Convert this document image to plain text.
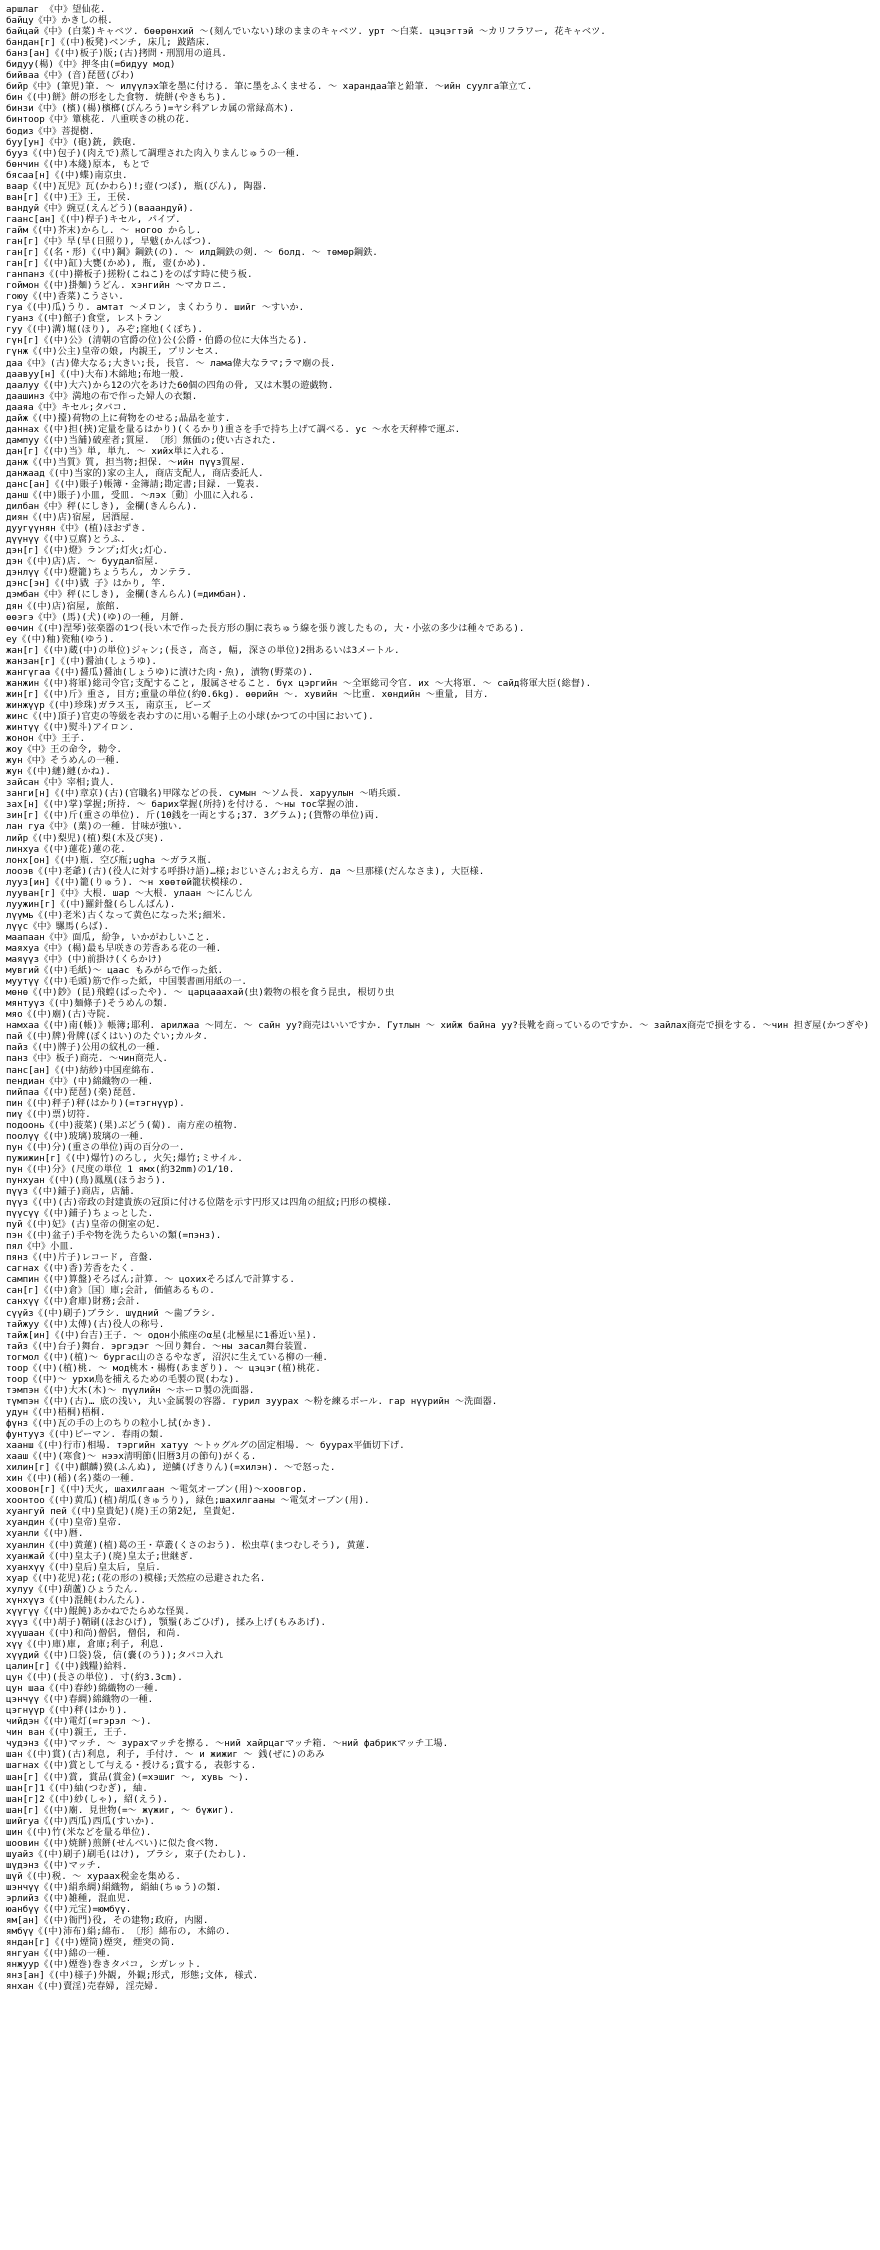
аршлаг 《中》望仙花.
байцу《中》かきしの根.
байцай《中》(白菜)キャベツ. бөөрөнхий ～(刻んでいない)球のままのキャベツ. урт ～白菜. цэцэгтэй ～カリフラワー, 花キャベツ.
бандан[г]《(中)板凳)ベンチ, 床几; 跛踏床.
банз[ан]《(中)板子)版;(古)拷問・刑罰用の道具.
бидуу(楊)《中》押冬由(=бидуу мод)
бийваа《中》(音)琵琶(びわ)
бийр《中》(筆児)筆. ～ илүүлэх筆を墨に付ける. 筆に墨をふくませる. ～ харандаа筆と鉛筆. ～ийн суулга筆立て.
бин《(中)餅》餅の形をした食物. 焼餅(やきもち).
бинзи《中》(檳)(楊)檳榔(びんろう)=ヤシ科アレカ属の常緑高木).
бинтоор《中》簞桃花. 八重咲きの桃の花.
бодиз《中》菩提樹.
буу[ун]《中》(砲)銃, 鉄砲.
бууз《(中)包子)(肉えで)蒸して調理された肉入りまんじゅうの一種.
бөнчин《(中)本綫)原本, もとで
бясаа[н]《(中)蝶)南京虫.
ваар《(中)瓦児》瓦(かわら)!;壺(つぼ), 瓶(びん), 陶器.
ван[г]《(中)王》王, 王侯.
вандуй《中》豌豆(えんどう)(вааандуй).
гаанс[ан]《(中)桿子)キセル, パイプ.
гайм《(中)芥末)からし. ～ ногоо からし.
ган[г]《中》旱(旱(日照り), 旱魃(かんばつ).
ган[г]《(名・形)《(中)鋼》鋼鉄(の). ～ илд鋼鉄の剣. ～ болд. ～ төмөр鋼鉄.
ган[г]《(中)缸)大甕(かめ), 瓶, 壺(かめ).
ганпанз《(中)擀板子)搓粉(こねこ)をのばす時に使う板.
гоймон《(中)掛麺)うどん. хэнгийн ～マカロニ.
гоюу《(中)香菜)こうさい.
гуа《(中)瓜)うり. амтат ～メロン, まくわうり. шийг ～すいか.
гуанз《(中)館子)食堂, レストラン
гуу《(中)溝)堀(ほり), みぞ;窪地(くぼち).
гүн[г]《(中)公》(清朝の官爵の位)公(公爵・伯爵の位に大体当たる).
гүнж《(中)公主)皇帝の娘, 内親王, プリンセス.
даа《中》(古)偉大なる;大きい;長, 長官. ～ ламa偉大なラマ;ラマ廟の長.
даавуу[н]《(中)大布)木綿地;布地一般.
даалуу《(中)大六)から12の穴をあけた60個の四角の骨, 又は木製の遊戯物.
даашинз《中》満地の布で作った婦人の衣類.
дааяа《中》キセル;タバコ.
дайж《(中)擡)荷物の上に荷物をのせる;晶晶を並す.
даннах《(中)担(挾)定量を量るはかり)(くるかり)重さを手で持ち上げて調べる. ус ～水を天秤棒で運ぶ.
дампуу《(中)当舗)破産者;質屋. 〔形〕無価の;使い古された.
дан[г]《(中)当》単, 単九. ～ хийх単に入れる.
данж《(中)当質》質, 担当物;担保. ～ийн пүүз質屋.
данжаад《(中)当家的)家の主人, 商店支配人, 商店委託人.
данс[ан]《(中)賬子)帳簿・金簿請;勘定書;目録. 一覧表.
данш《(中)賬子)小皿, 受皿. ～лэх〔動〕小皿に入れる.
дилбан《中》秤(にしき), 金欄(きんらん).
диян《(中)店)宿屋, 居酒屋.
дуугүүнян《中》(植)ほおずき.
дүүнүү《(中)豆腐)とうふ.
дэн[г]《(中)燈》ランプ;灯火;灯心.
дэн《(中)店)店. ～ буудал宿屋.
дэнлүү《(中)燈籠)ちょうちん, カンテラ.
дэнс[эн]《(中)戥 子》はかり, 竿.
дэмбан《中》秤(にしき), 金欄(きんらん)(=димбан).
дян《(中)店)宿屋, 旅館.
өөэгэ《中》(馬)(犬)(ゆ)の一種, 月餅.
өөчин《(中)涅琴)弦楽器の1つ(長い木で作った長方形の胴に表ちゅう線を張り渡したもの, 大・小弦の多少は種々である).
еу《(中)釉)瓷釉(ゆう).
жан[г]《(中)蔵(中)の単位)ジャン;(長さ, 高さ, 幅, 深さの単位)2揖あるいは3メートル.
жанзан[г]《(中)醤油(しょうゆ).
жангүгаа《(中)醤瓜)醤油(しょうゆ)に漬けた肉・魚), 漬物(野菜の).
жанжин《(中)将軍)総司令官;支配すること, 服属させること. бүх цэргийн ～全軍総司令官. их ～大将軍. ～ сайд将軍大臣(総督).
жин[г]《(中)斤》重さ, 目方;重量の単位(約0.6kg). өөрийн ～. хувийн ～比重. хөндийн ～重量, 目方.
жинжүүр《(中)珍珠)ガラス玉, 南京玉, ビーズ
жинс《(中)頂子)官吏の等級を表わすのに用いる帽子上の小球(かつての中国において).
жинтүү《(中)熨斗)アイロン.
жонон《中》王子.
жоу《中》王の命令, 勅令.
жун《中》そうめんの一種.
жун《(中)縺)縺(かね).
зайсан《中》宰相;貴人.
занги[н]《(中)章京)(古)(官職名)甲隊などの長. сумын ～ソム長. харуулын ～哨兵頭.
зах[н]《(中)掌)掌握;所持. ～ барих掌握(所持)を付ける. ～ны тос掌握の油.
зин[г]《(中)斤(重さの単位). 斤(10銭を一両とする;37. 3グラム);(貨幣の単位)両.
лан гуа《中》(菓)の一種. 甘味が強い.
лийр《(中)梨児)(植)梨(木及び実).
линхуа《(中)蓮花)蓮の花.
лонх[он]《(中)瓶. 空び瓶;ugha ～ガラス瓶.
лооэв《(中)老爺)(古)(役人に対する呼掛け語)…様;おじいさん;おえら方. да ～旦那様(だんなさま), 大臣様.
лууз[ин]《(中)籠(りゅう). ～н хөөтөй籠状模様の.
лууван[г]《中》大根. шар ～大根. улаан ～にんじん
луужин[г]《(中)羅針盤(らしんばん).
лүүмь《(中)老米)古くなって黄色になった米;細米.
лүүс《中》騾馬(らば).
маапаан《中》面瓜, 紛争, いかがわしいこと.
маяхуа《中》(楊)最も早咲きの芳香ある花の一種.
маяүүз《中》(中)前掛け(くらかけ)
мувгий《(中)毛紙)～ цаас もみがらで作った紙.
муутүү《(中)毛頭)筋で作った紙, 中国製書画用紙の一.
мөнө《(中)鈔》(昆)飛蝗(ばったや). ～ царцааахай(虫)穀物の根を食う昆虫, 根切り虫
мянтуүз《(中)麺條子)そうめんの類.
мяо《(中)廟)(古)寺院.
намхаа《(中)南(帳)》帳簿;耶利. арилжаа ～同左. ～ сайн уу?商売はいいですか. Гутлын ～ хийж байна уу?長靴を商っているのですか. ～ зайлах商売で損をする. ～чин 担ぎ屋(かつぎや)
пай《(中)牌)骨牌(ぼくはい)のたぐい;カルタ.
пайз《(中)牌子)公用の紋札の一種.
панз《中》板子)商売. ～чин商売人.
панс[ан]《(中)紡紗)中国産綿布.
пендиан《中》(中)綿織物の一種.
пийпаа《(中)琵琶)(楽)琵琶.
пин《(中)秤子)秤(はかり)(=тэгнүүр).
пиү《(中)票)切符.
подоонь《(中)菠菜)(果)ぶどう(蔔). 南方産の植物.
поолүү《(中)玻璃)玻璃の一種.
пун《(中)分)(重さの単位)両の百分の一.
пужижин[г]《(中)爆竹)のろし, 火矢;爆竹;ミサイル.
пун《(中)分》(尺度の単位 1 ямх(約32mm)の1/10.
пунхуан《(中)(鳥)鳳凰(ほうおう).
пүүз《(中)鋪子)商店, 店舗.
пүүз《(中)(古)帝政の封建貴族の冠頂に付ける位階を示す円形又は四角の紐紋;円形の模様.
пүүсүү《(中)鋪子)ちょっとした.
пуй《(中)妃》(古)皇帝の側室の妃.
пэн《(中)盆子)手や物を洗うたらいの類(=пэнз).
пял《中》小皿.
пянз《(中)片子)レコード, 音盤.
сагнах《(中)香)芳香をたく.
сампин《(中)算盤)そろばん;計算. ～ цохихそろばんで計算する.
сан[г]《(中)倉》〔国〕庫;会計, 価値あるもの.
санхүү《(中)倉庫)財務;会計.
сүүйз《(中)刷子)ブラシ. шүдний ～歯ブラシ.
тайжуу《(中)太傅)(古)役人の称号.
тайж[ин]《(中)台吉)王子. ～ одон小熊座のα星(北極星に1番近い星).
тайз《(中)台子)舞台. эргэдэг ～回り舞台. ～ны засал舞台装置.
тогмол《(中)(植)～ бургас山のさるやなぎ, 沼沢に生えている柳の一種.
тоор《(中)(植)桃. ～ мод桃木・楊梅(あまぎり). ～ цэцэг(植)桃花.
тоор《(中)～ урхи鳥を捕えるための毛製の罠(わな).
тэмпэн《(中)大木(木)～ пүүлийн ～ホーロ製の洗面器.
түмпэн《(中)(古)… 底の浅い, 丸い金属製の容器. гурил зуурах ～粉を練るボール. гар нүүрийн ～洗面器.
удун《(中)梧桐)梧桐.
фүнз《(中)瓦の手の上のちりの粒小し拭(かき).
фунтуүз《(中)ピーマン. 春雨の類.
хаанш《(中)行市)相場. тэргийн хатуу ～トゥグルグの固定相場. ～ буурах平価切下げ.
хааш《(中)(寒食)～ нээх清明節(旧暦3月の節句)がくる.
хилин[г]《(中)麒麟)獏(ふんぬ), 逆鱗(げきりん)(=хилэн). ～で怒った.
хин《(中)(稲)(名)薬の一種.
хоовон[г]《(中)天火, шахилгаан ～電気オーブン(用)～хоовгор.
хоонтоо《(中)黄瓜)(植)胡瓜(きゅうり), 緑色;шахилгааны ～電気オーブン(用).
хуангуй пей《(中)皇貴妃)(廃)王の第2妃, 皇貴妃.
хуандин《(中)皇帝)皇帝.
хуанли《(中)暦.
хуанлин《(中)黄蓮)(植)葛の王・草叢(くさのおう). 松虫草(まつむしそう), 黄蓮.
хуанжай《(中)皇太子)(廃)皇太子;世継ぎ.
хуанхүү《(中)皇后)皇太后, 皇后.
хуар《(中)花児)花;(花の形の)模様;天然痘の忌避された名.
хулуу《(中)葫蘆)ひょうたん.
хүнхүүз《(中)混飩(わんたん).
хүүгүү《(中)餛飩)あかねでたらめな怪異.
хүүз《(中)胡子)鞘刷(ほおひげ), 顎鬚(あごひげ), 揉み上げ(もみあげ).
хүүшаан《(中)和尚)僧侶, 僧侶, 和尚.
хүү《(中)庫)庫, 倉庫;利子, 利息.
хүүдий《(中)口袋)袋, 信(嚢(のう));タバコ入れ
цалин[г]《(中)銭糧)給料.
цун《(中)(長さの単位). 寸(約3.3cm).
цун шаа《(中)春紗)綿織物の一種.
цэнчүү《(中)春綢)綿織物の一種.
цэгнүүр《(中)秤(はかり).
чийдэн《(中)電灯(=гэрэл ～).
чин ван《(中)親王, 王子.
чудэнз《(中)マッチ. ～ зурахマッチを擦る. ～ний хайрцагマッチ箱. ～ний фабрикマッチ工場.
шан《(中)賞)(古)利息, 利子, 手付け. ～ и жижиг ～ 銭(ぜに)のあみ
шагнах《(中)賞として与える・授ける;賞する, 表彰する.
шан[г]《(中)賞, 賞品(賞金)(=хэшиг ～, хувь ～).
шан[г]1《(中)紬(つむぎ), 紬.
шан[г]2《(中)紗(しゃ), 紹(えう).
шан[г]《(中)廟. 見世物(=～ жүжиг, ～ бүжиг).
шийгуа《(中)西瓜)西瓜(すいか).
шин《(中)竹(米などを量る単位).
шоовин《(中)焼餅)煎餅(せんべい)に似た食べ物.
шуайз《(中)刷子)刷毛(はけ), ブラシ, 束子(たわし).
шүдэнз《(中)マッチ.
шүй《(中)税. ～ хураах税金を集める.
шэнчүү《(中)絹糸綢)絹織物, 絹紬(ちゅう)の類.
эрлийз《(中)雑種, 混血児.
юанбүү《(中)元宝)=юмбүү.
ям[ан]《(中)衙門)役, その建物;政府, 内閣.
ямбүү《(中)沛布)絹;綿布. 〔形〕綿布の, 木綿の.
яндан[г]《(中)煙筒)煙突, 煙突の筒.
янгуан《(中)綿の一種.
янжуур《(中)煙巻)巻きタバコ, シガレット.
янз[ан]《(中)様子)外観, 外観;形式, 形態;文体, 様式.
янхан《(中)賣淫)売春婦, 淫売婦.
